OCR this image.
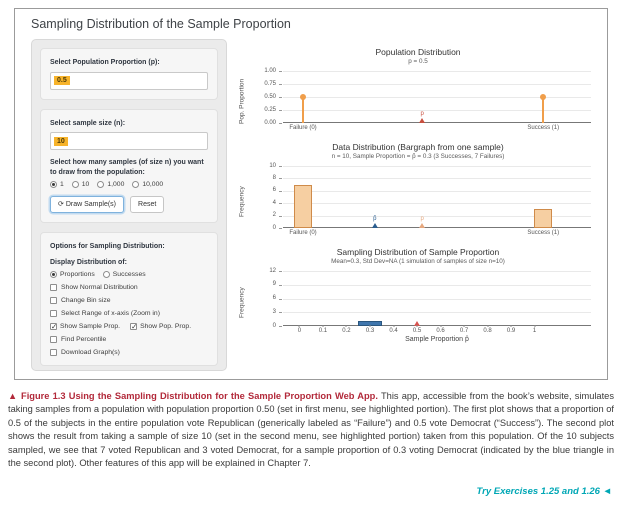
Sampling Distribution of the Sample Proportion
Select Population Proportion (p):
0.5
Select sample size (n):
10
Select how many samples (of size n) you want to draw from the population:
1	10	1,000	10,000
⟳ Draw Sample(s)	Reset
Options for Sampling Distribution:
Display Distribution of:
Proportions	Successes
Show Normal Distribution
Change Bin size
Select Range of x-axis (Zoom in)
✓
Show Sample Prop. ✓	Show Pop. Prop.
Find Percentile
Download Graph(s)
Population Distribution
p = 0.5
Pop. Proportion	0.00
0.25
0.50
0.75
1.00
p
Failure (0)	Success (1)
Data Distribution (Bargraph from one sample)
n = 10, Sample Proportion = p̂ = 0.3 (3 Successes, 7 Failures)
Frequency
0
2
4
6
8
10
p̂	p
Failure (0)	Success (1)
Sampling Distribution of Sample Proportion
Mean=0.3, Std Dev=NA (1 simulation of samples of size n=10)
Frequency
0
3
6
9
12
0	0.1	0.2	0.3	0.4	0.5	0.6	0.7	0.8	0.9	1
Sample Proportion p̂
▲ Figure 1.3 Using the Sampling Distribution for the Sample Proportion Web App. This app, accessible from the book’s website, simulates taking samples from a population with population proportion 0.50 (set in first menu, see highlighted portion). The first plot shows that a proportion of 0.5 of the subjects in the entire population vote Republican (generically labeled as “Failure”) and 0.5 vote Democrat (“Success”). The second plot shows the result from taking a sample of size 10 (set in the second menu, see highlighted portion) taken from this population. Of the 10 subjects sampled, we see that 7 voted Republican and 3 voted Democrat, for a sample proportion of 0.3 voting Democrat (indicated by the blue triangle in the second plot). Other features of this app will be explained in Chapter 7.
Try Exercises 1.25 and 1.26 ◄
